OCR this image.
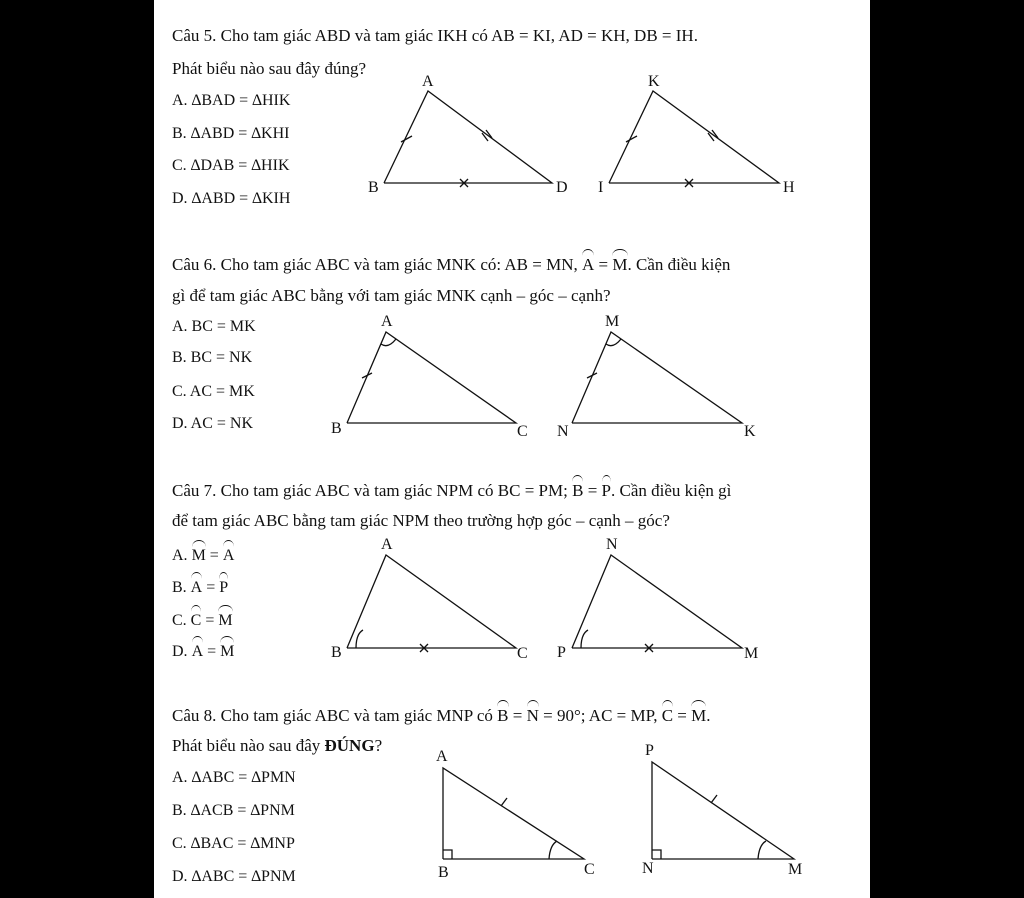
Câu 5. Cho tam giác ABD và tam giác IKH có AB = KI, AD = KH, DB = IH.
Phát biểu nào sau đây đúng?
A. ∆BAD = ∆HIK
B. ∆ABD = ∆KHI
C. ∆DAB = ∆HIK
D. ∆ABD = ∆KIH
Câu 6. Cho tam giác ABC và tam giác MNK có: AB = MN, A = M. Cần điều kiện
gì để tam giác ABC bằng với tam giác MNK cạnh – góc – cạnh?
A. BC = MK
B. BC = NK
C. AC = MK
D. AC = NK
Câu 7. Cho tam giác ABC và tam giác NPM có BC = PM; B = P. Cần điều kiện gì
để tam giác ABC bằng tam giác NPM theo trường hợp góc – cạnh – góc?
A. M = A
B. A = P
C. C = M
D. A = M
Câu 8. Cho tam giác ABC và tam giác MNP có B = N = 90°; AC = MP, C = M.
Phát biểu nào sau đây ĐÚNG?
A. ∆ABC = ∆PMN
B. ∆ACB = ∆PNM
C. ∆BAC = ∆MNP
D. ∆ABC = ∆PNM
A
B	D
K
I	H
A
B	C
M
N	K
A
B	C
N
P	M
A
B	C
P
N	M
